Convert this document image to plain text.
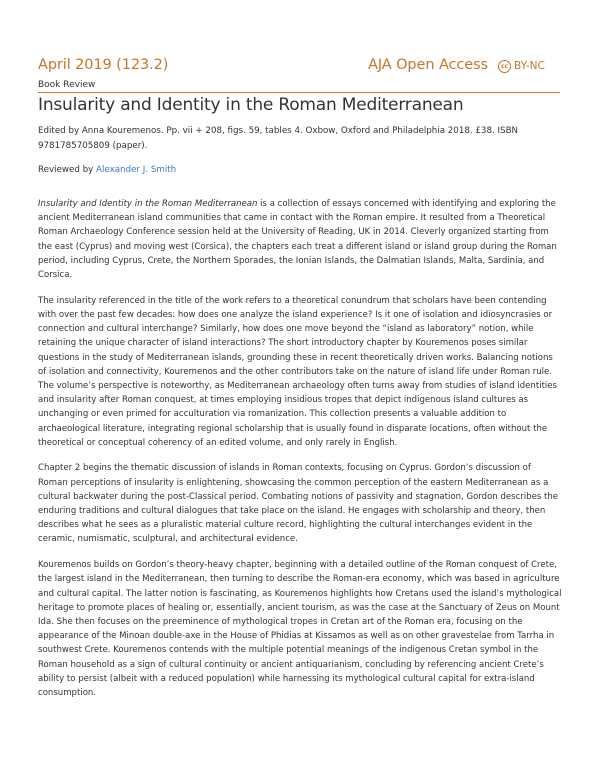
April 2019 (123.2)	AJA Open Access	cc BY-NC
Book Review
Insularity and Identity in the Roman Mediterranean
Edited by Anna Kouremenos. Pp. vii + 208, figs. 59, tables 4. Oxbow, Oxford and Philadelphia 2018. £38. ISBN 9781785705809 (paper).
Reviewed by Alexander J. Smith

Insularity and Identity in the Roman Mediterranean is a collection of essays concerned with identifying and exploring the ancient Mediterranean island communities that came in contact with the Roman empire. It resulted from a Theoretical Roman Archaeology Conference session held at the University of Reading, UK in 2014. Cleverly organized starting from the east (Cyprus) and moving west (Corsica), the chapters each treat a different island or island group during the Roman period, including Cyprus, Crete, the Northern Sporades, the Ionian Islands, the Dalmatian Islands, Malta, Sardinia, and Corsica.

The insularity referenced in the title of the work refers to a theoretical conundrum that scholars have been contending with over the past few decades: how does one analyze the island experience? Is it one of isolation and idiosyncrasies or connection and cultural interchange? Similarly, how does one move beyond the “island as laboratory” notion, while retaining the unique character of island interactions? The short introductory chapter by Kouremenos poses similar questions in the study of Mediterranean islands, grounding these in recent theoretically driven works. Balancing notions of isolation and connectivity, Kouremenos and the other contributors take on the nature of island life under Roman rule. The volume’s perspective is noteworthy, as Mediterranean archaeology often turns away from studies of island identities and insularity after Roman conquest, at times employing insidious tropes that depict indigenous island cultures as unchanging or even primed for acculturation via romanization. This collection presents a valuable addition to archaeological literature, integrating regional scholarship that is usually found in disparate locations, often without the theoretical or conceptual coherency of an edited volume, and only rarely in English.

Chapter 2 begins the thematic discussion of islands in Roman contexts, focusing on Cyprus. Gordon’s discussion of Roman perceptions of insularity is enlightening, showcasing the common perception of the eastern Mediterranean as a cultural backwater during the post-Classical period. Combating notions of passivity and stagnation, Gordon describes the enduring traditions and cultural dialogues that take place on the island. He engages with scholarship and theory, then describes what he sees as a pluralistic material culture record, highlighting the cultural interchanges evident in the ceramic, numismatic, sculptural, and architectural evidence.

Kouremenos builds on Gordon’s theory-heavy chapter, beginning with a detailed outline of the Roman conquest of Crete, the largest island in the Mediterranean, then turning to describe the Roman-era economy, which was based in agriculture and cultural capital. The latter notion is fascinating, as Kouremenos highlights how Cretans used the island’s mythological heritage to promote places of healing or, essentially, ancient tourism, as was the case at the Sanctuary of Zeus on Mount Ida. She then focuses on the preeminence of mythological tropes in Cretan art of the Roman era, focusing on the appearance of the Minoan double-axe in the House of Phidias at Kissamos as well as on other gravestelae from Tarrha in southwest Crete. Kouremenos contends with the multiple potential meanings of the indigenous Cretan symbol in the Roman household as a sign of cultural continuity or ancient antiquarianism, concluding by referencing ancient Crete’s ability to persist (albeit with a reduced population) while harnessing its mythological cultural capital for extra-island consumption.
